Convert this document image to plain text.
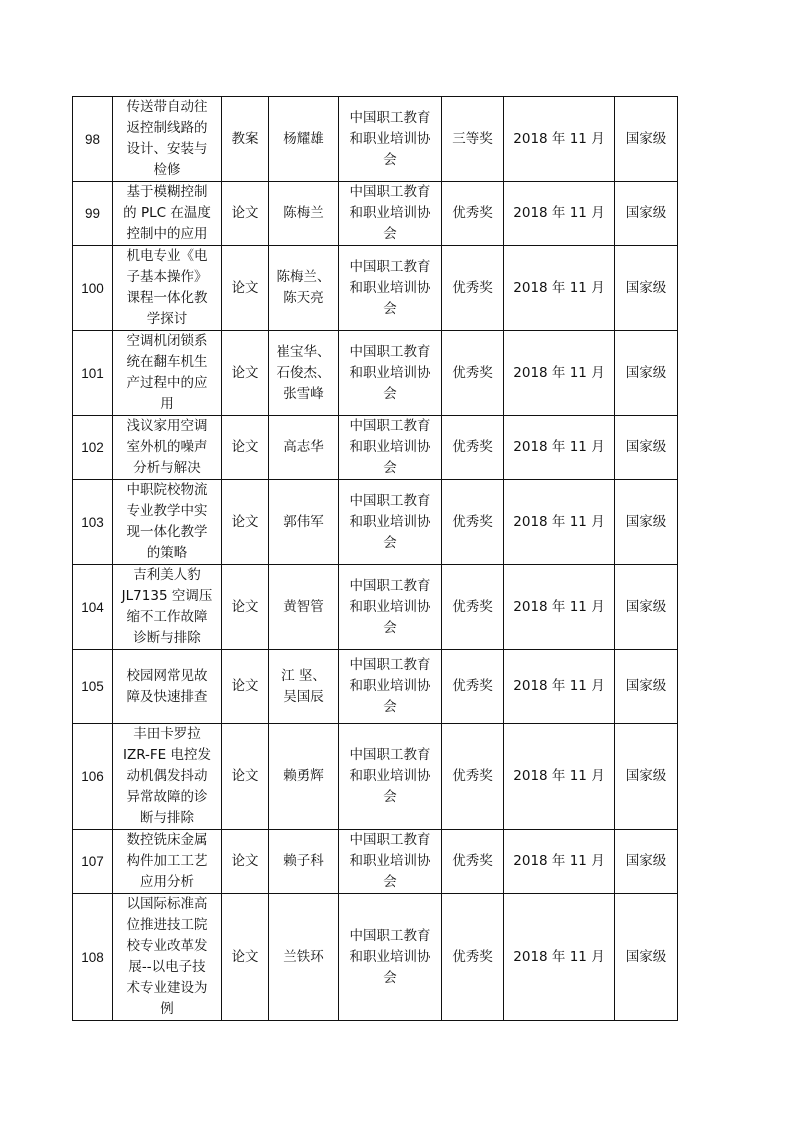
98	传送带自动往
返控制线路的
设计、安装与
检修	教案	杨耀雄	中国职工教育
和职业培训协
会	三等奖	2018 年 11 月	国家级
99	基于模糊控制
的 PLC 在温度
控制中的应用	论文	陈梅兰	中国职工教育
和职业培训协
会	优秀奖	2018 年 11 月	国家级
100	机电专业《电
子基本操作》
课程一体化教
学探讨	论文	陈梅兰、
陈天亮	中国职工教育
和职业培训协
会	优秀奖	2018 年 11 月	国家级
101	空调机闭锁系
统在翻车机生
产过程中的应
用	论文	崔宝华、
石俊杰、
张雪峰	中国职工教育
和职业培训协
会	优秀奖	2018 年 11 月	国家级
102	浅议家用空调
室外机的噪声
分析与解决	论文	高志华	中国职工教育
和职业培训协
会	优秀奖	2018 年 11 月	国家级
103	中职院校物流
专业教学中实
现一体化教学
的策略	论文	郭伟军	中国职工教育
和职业培训协
会	优秀奖	2018 年 11 月	国家级
104	吉利美人豹
JL7135 空调压
缩不工作故障
诊断与排除	论文	黄智管	中国职工教育
和职业培训协
会	优秀奖	2018 年 11 月	国家级
105	校园网常见故
障及快速排查	论文	江 坚、
吴国辰	中国职工教育
和职业培训协
会	优秀奖	2018 年 11 月	国家级
106	丰田卡罗拉
IZR-FE 电控发
动机偶发抖动
异常故障的诊
断与排除	论文	赖勇辉	中国职工教育
和职业培训协
会	优秀奖	2018 年 11 月	国家级
107	数控铣床金属
构件加工工艺
应用分析	论文	赖子科	中国职工教育
和职业培训协
会	优秀奖	2018 年 11 月	国家级
108	
以国际标准高
位推进技工院
校专业改革发
展--以电子技
术专业建设为
例
	论文	兰铁环

中国职工教育
和职业培训协
会
	优秀奖	2018 年 11 月	国家级
